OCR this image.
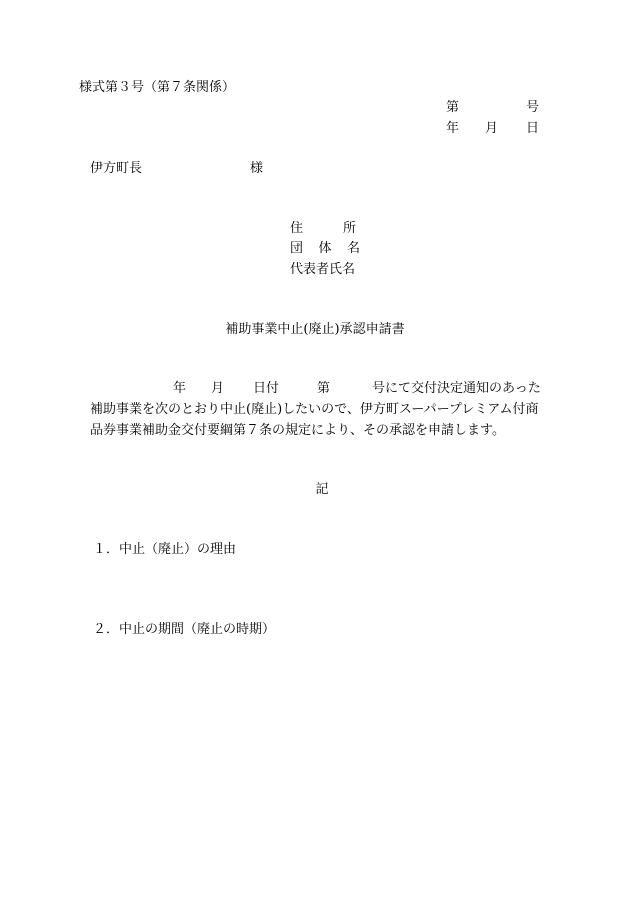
様式第３号（第７条関係）
第	号
年 月 日
伊方町長	様
住	所
団 体 名
代表者氏名
補助事業中止(廃止)承認申請書
年 月 日付	第	号にて交付決定通知のあった
補助事業を次のとおり中止(廃止)したいので、伊方町スーパープレミアム付商
品券事業補助金交付要綱第７条の規定により、その承認を申請します。
記
１．中止（廃止）の理由
２．中止の期間（廃止の時期）
